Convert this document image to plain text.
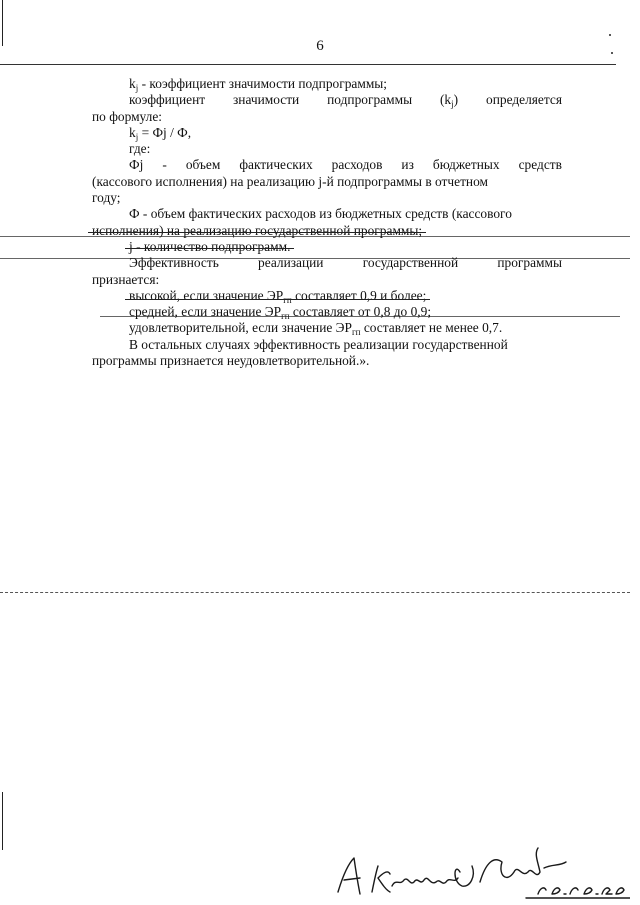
6
$k_j$ - коэффициент значимости подпрограммы;
коэффициент значимости подпрограммы $(k_j)$ определяется
по формуле:
$k_j$ = Фj / Ф,
где:
Фj - объем фактических расходов из бюджетных средств
(кассового исполнения) на реализацию j-й подпрограммы в отчетном
году;
Ф - объем фактических расходов из бюджетных средств (кассового
исполнения) на реализацию государственной программы;
j - количество подпрограмм.
Эффективность	реализации	государственной	программы
признается:
высокой, если значение $ЭР_{гп}$ составляет 0,9 и более;
средней, если значение $ЭР_{гп}$ составляет от 0,8 до 0,9;
удовлетворительной, если значение $ЭР_{гп}$ составляет не менее 0,7.
В остальных случаях эффективность реализации государственной
программы признается неудовлетворительной.».
